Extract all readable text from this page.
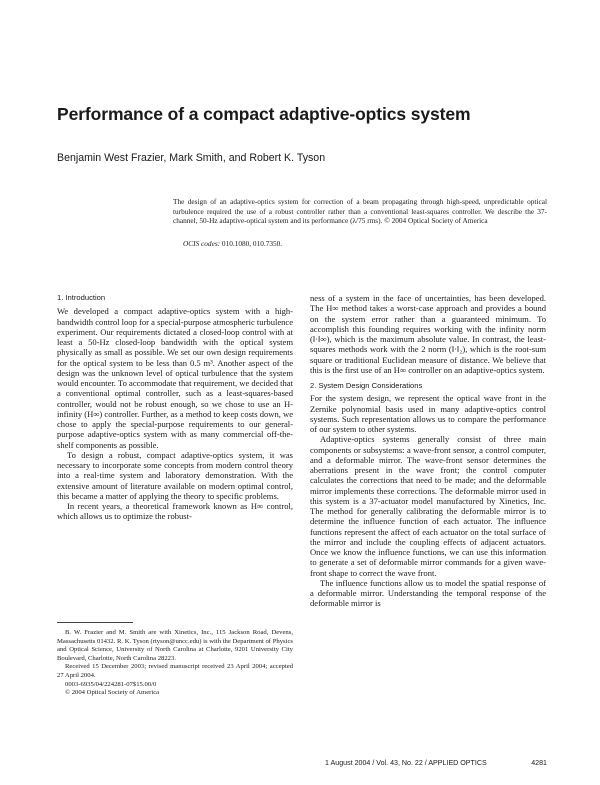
Performance of a compact adaptive-optics system
Benjamin West Frazier, Mark Smith, and Robert K. Tyson
The design of an adaptive-optics system for correction of a beam propagating through high-speed, unpredictable optical turbulence required the use of a robust controller rather than a conventional least-squares controller. We describe the 37-channel, 50-Hz adaptive-optical system and its performance (λ/75 rms). © 2004 Optical Society of America
OCIS codes: 010.1080, 010.7350.
1. Introduction

We developed a compact adaptive-optics system with a high-bandwidth control loop for a special-purpose atmospheric turbulence experiment. Our requirements dictated a closed-loop control with at least a 50-Hz closed-loop bandwidth with the optical system physically as small as possible. We set our own design requirements for the optical system to be less than 0.5 m³. Another aspect of the design was the unknown level of optical turbulence that the system would encounter. To accommodate that requirement, we decided that a conventional optimal controller, such as a least-squares-based controller, would not be robust enough, so we chose to use an H-infinity (H∞) controller. Further, as a method to keep costs down, we chose to apply the special-purpose requirements to our general-purpose adaptive-optics system with as many commercial off-the-shelf components as possible.

To design a robust, compact adaptive-optics system, it was necessary to incorporate some concepts from modern control theory into a real-time system and laboratory demonstration. With the extensive amount of literature available on modern optimal control, this became a matter of applying the theory to specific problems.

In recent years, a theoretical framework known as H∞ control, which allows us to optimize the robust-

ness of a system in the face of uncertainties, has been developed. The H∞ method takes a worst-case approach and provides a bound on the system error rather than a guaranteed minimum. To accomplish this founding requires working with the infinity norm (‖·‖∞), which is the maximum absolute value. In contrast, the least-squares methods work with the 2 norm (‖·‖₂), which is the root-sum square or traditional Euclidean measure of distance. We believe that this is the first use of an H∞ controller on an adaptive-optics system.

2. System Design Considerations

For the system design, we represent the optical wave front in the Zernike polynomial basis used in many adaptive-optics control systems. Such representation allows us to compare the performance of our system to other systems.

Adaptive-optics systems generally consist of three main components or subsystems: a wave-front sensor, a control computer, and a deformable mirror. The wave-front sensor determines the aberrations present in the wave front; the control computer calculates the corrections that need to be made; and the deformable mirror implements these corrections. The deformable mirror used in this system is a 37-actuator model manufactured by Xinetics, Inc. The method for generally calibrating the deformable mirror is to determine the influence function of each actuator. The influence functions represent the affect of each actuator on the total surface of the mirror and include the coupling effects of adjacent actuators. Once we know the influence functions, we can use this information to generate a set of deformable mirror commands for a given wave-front shape to correct the wave front.

The influence functions allow us to model the spatial response of a deformable mirror. Understanding the temporal response of the deformable mirror is

B. W. Frazier and M. Smith are with Xinetics, Inc., 115 Jackson Road, Devens, Massachusetts 01432. R. K. Tyson (rtyson@uncc.edu) is with the Department of Physics and Optical Science, University of North Carolina at Charlotte, 9201 University City Boulevard, Charlotte, North Carolina 28223.

Received 15 December 2003; revised manuscript received 23 April 2004; accepted 27 April 2004.

0003-6935/04/224281-07$15.00/0

© 2004 Optical Society of America

1 August 2004 / Vol. 43, No. 22 / APPLIED OPTICS	4281
